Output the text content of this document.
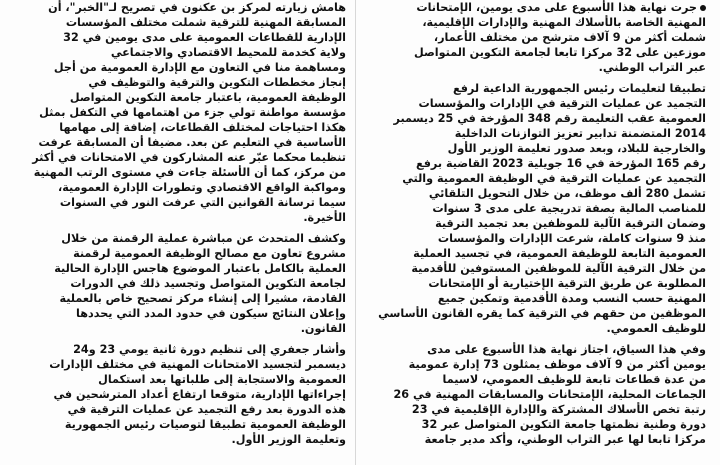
جرت نهاية هذا الأسبوع على مدى يومين، الإمتحانات
المهنية الخاصة بالأسلاك المهنية والإدارات الإقليمية،
شملت أكثر من 9 آلاف مترشح من مختلف الأعمار،
موزعين على 32 مركزا تابعا لجامعة التكوين المتواصل
عبر التراب الوطني.
تطبيقا لتعليمات رئيس الجمهورية الداعية لرفع
التجميد عن عمليات الترقية في الإدارات والمؤسسات
العمومية عقب التعليمة رقم 348 المؤرخة في 25 ديسمبر
2014 المتضمنة تدابير تعزيز التوازنات الداخلية
والخارجية للبلاد، وبعد صدور تعليمة الوزير الأول
رقم 165 المؤرخة في 16 جويلية 2023 القاضية برفع
التجميد عن عمليات الترقية في الوظيفة العمومية والتي
تشمل 280 ألف موظف، من خلال التحويل التلقائي
للمناصب المالية بصفة تدريجية على مدى 3 سنوات
وضمان الترقية الآلية للموظفين بعد تجميد الترقية
منذ 9 سنوات كاملة، شرعت الإدارات والمؤسسات
العمومية التابعة للوظيفة العمومية، في تجسيد العملية
من خلال الترقية الآلية للموظفين المستوفين للأقدمية
المطلوبة عن طريق الترقية الإختيارية أو الإمتحانات
المهنية حسب النسب ومدة الأقدمية وتمكين جميع
الموظفين من حقهم في الترقية كما يقره القانون الأساسي
للوظيف العمومي.
وفي هذا السياق، اجتاز نهاية هذا الأسبوع على مدى
يومين أكثر من 9 آلاف موظف يمثلون 73 إدارة عمومية
من عدة قطاعات تابعة للوظيف العمومي، لاسيما
الجماعات المحلية، الإمتحانات والمسابقات المهنية في 26
رتبة تخص الأسلاك المشتركة والإدارة الإقليمية في 23
دورة وطنية نظمتها جامعة التكوين المتواصل عبر 32
مركزا تابعا لها عبر التراب الوطني، وأكد مدير جامعة
هامش زيارته لمركز بن عكنون في تصريح لـ"الخبر"، أن
المسابقة المهنية للترقية شملت مختلف المؤسسات
الإدارية للقطاعات العمومية على مدى يومين في 32
ولاية كخدمة للمحيط الاقتصادي والاجتماعي
ومساهمة منا في التعاون مع الإدارة العمومية من أجل
إنجاز مخططات التكوين والترقية والتوظيف في
الوظيفة العمومية، باعتبار جامعة التكوين المتواصل
مؤسسة مواطنة تولي جزء من اهتمامها في التكفل بمثل
هكذا احتياجات لمختلف القطاعات، إضافة إلى مهامها
الأساسية في التعليم عن بعد. مضيفا أن المسابقة عرفت
تنظيما محكما عبّر عنه المشاركون في الامتحانات في أكثر
من مركز، كما أن الأسئلة جاءت في مستوى الرتب المهنية
ومواكبة الواقع الاقتصادي وتطورات الإدارة العمومية،
سيما ترسانة القوانين التي عرفت النور في السنوات
الأخيرة.
وكشف المتحدث عن مباشرة عملية الرقمنة من خلال
مشروع تعاون مع مصالح الوظيفة العمومية لرقمنة
العملية بالكامل باعتبار الموضوع هاجس الإدارة الحالية
لجامعة التكوين المتواصل وتجسيد ذلك في الدورات
القادمة، مشيرا إلى إنشاء مركز تصحيح خاص بالعملية
وإعلان النتائج سيكون في حدود المدد التي يحددها
القانون.
وأشار جعفري إلى تنظيم دورة ثانية يومي 23 و24
ديسمبر لتجسيد الامتحانات المهنية في مختلف الإدارات
العمومية والاستجابة إلى طلباتها بعد استكمال
إجراءاتها الإدارية، متوقعا ارتفاع أعداد المترشحين في
هذه الدورة بعد رفع التجميد عن عمليات الترقية في
الوظيفة العمومية تطبيقا لتوصيات رئيس الجمهورية
وتعليمة الوزير الأول.
